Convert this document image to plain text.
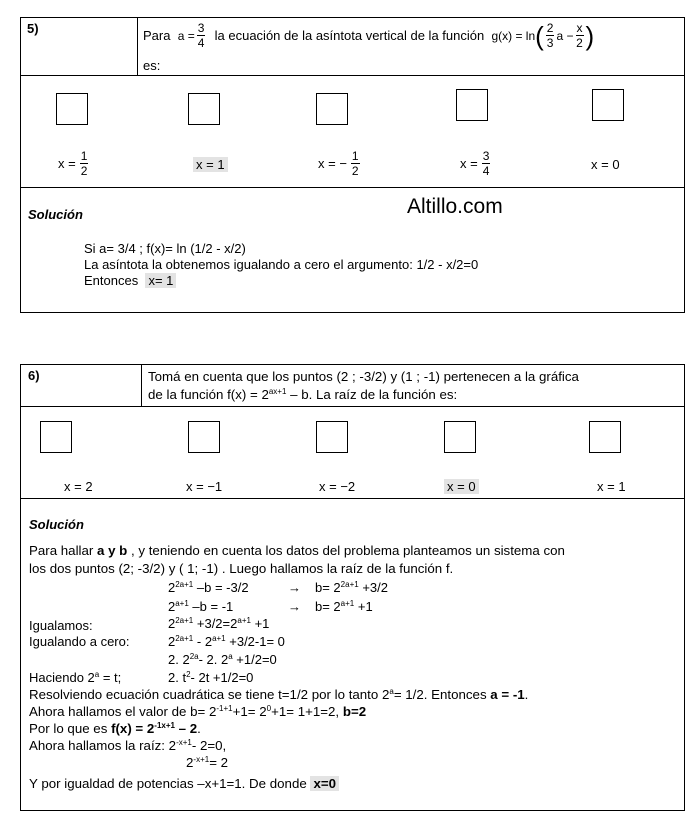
5)	Para
$a = \frac{3}{4}$
la ecuación de la asíntota vertical de la función
g(x) = ln ( $\frac{2}{3}$ $a - \frac{x}{2}$ )
es:
$x = \frac{1}{2}$	x = 1	x = − $\frac{1}{2}$	$x = \frac{3}{4}$	x = 0
Altillo.com
Solución
Si a= 3/4 ; f(x)= ln (1/2 - x/2)
La asíntota la obtenemos igualando a cero el argumento: 1/2 - x/2=0
Entonces  x= 1
6)	Tomá en cuenta que los puntos (2 ; -3/2) y (1 ; -1) pertenecen a la gráfica
de la función $f(x) = 2^{ax+1} - b$. La raíz de la función es:
x = 2	x = −1	x = −2	x = 0	x = 1
Solución
Para hallar a y b , y teniendo en cuenta los datos del problema planteamos un sistema con
los dos puntos (2; -3/2) y ( 1; -1) . Luego hallamos la raíz de la función f.
$2^{2a+1}$ –b = -3/2	→ $b= 2^{2a+1} +3/2$
$2^{a+1}$ –b = -1	→ $b= 2^{a+1} +1$
Igualamos:	$2^{2a+1} +3/2=2^{a+1} +1$
Igualando a cero:	$2^{2a+1} - 2^{a+1} +3/2-1= 0$
2. $2^{2a}-$ 2. $2^a +1/2=0$
Haciendo $2^a = t$;	2. $t^2-$ 2t +1/2=0
Resolviendo ecuación cuadrática se tiene t=1/2 por lo tanto $2^a= 1/2$. Entonces a = -1.
Ahora hallamos el valor de $b= 2^{-1+1}+1= 2^0+1= 1+1=2$, b=2
Por lo que es $f(x) = 2^{-1x+1} - 2$.
Ahora hallamos la raíz: $2^{-x+1}-$ 2=0,
$2^{-x+1}= 2$
Y por igualdad de potencias –x+1=1. De donde x=0
